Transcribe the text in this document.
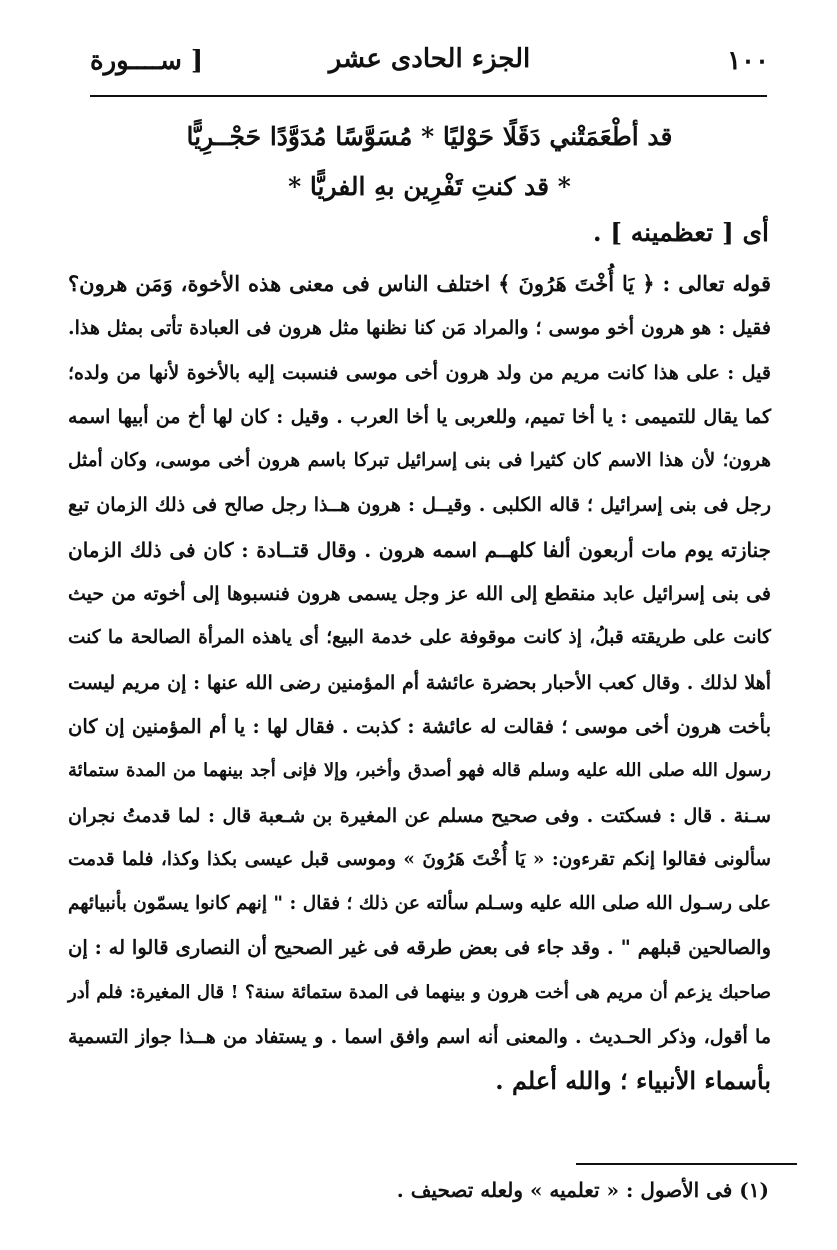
١٠٠
الجزء الحادى عشر
[ ســــورة
قد أطْعَمَتْني دَقَلًا حَوْليًا * مُسَوَّسًا مُدَوَّدًا حَجْــرِيًّا
* قد كنتِ تَفْرِين بهِ الفريًّا *
أى [ تعظمينه ] .
قوله تعالى : ﴿ يَا أُخْتَ هَرُونَ ﴾ اختلف الناس فى معنى هذه الأخوة، وَمَن هرون؟
فقيل : هو هرون أخو موسى ؛ والمراد مَن كنا نظنها مثل هرون فى العبادة تأتى بمثل هذا.
قيل : على هذا كانت مريم من ولد هرون أخى موسى فنسبت إليه بالأخوة لأنها من ولده؛
كما يقال للتميمى : يا أخا تميم، وللعربى يا أخا العرب . وقيل : كان لها أخ من أبيها اسمه
هرون؛ لأن هذا الاسم كان كثيرا فى بنى إسرائيل تبركا باسم هرون أخى موسى، وكان أمثل
رجل فى بنى إسرائيل ؛ قاله الكلبى . وقيــل : هرون هــذا رجل صالح فى ذلك الزمان تبع
جنازته يوم مات أربعون ألفا كلهــم اسمه هرون . وقال قتــادة : كان فى ذلك الزمان
فى بنى إسرائيل عابد منقطع إلى الله عز وجل يسمى هرون فنسبوها إلى أخوته من حيث
كانت على طريقته قبلُ، إذ كانت موقوفة على خدمة البيع؛ أى ياهذه المرأة الصالحة ما كنت
أهلا لذلك . وقال كعب الأحبار بحضرة عائشة أم المؤمنين رضى الله عنها : إن مريم ليست
بأخت هرون أخى موسى ؛ فقالت له عائشة : كذبت . فقال لها : يا أم المؤمنين إن كان
رسول الله صلى الله عليه وسلم قاله فهو أصدق وأخبر، وإلا فإنى أجد بينهما من المدة ستمائة
سـنة . قال : فسكتت . وفى صحيح مسلم عن المغيرة بن شـعبة قال : لما قدمتُ نجران
سألونى فقالوا إنكم تقرءون: « يَا أُخْتَ هَرُونَ » وموسى قبل عيسى بكذا وكذا، فلما قدمت
على رسـول الله صلى الله عليه وسـلم سألته عن ذلك ؛ فقال : " إنهم كانوا يسمّون بأنبيائهم
والصالحين قبلهم " . وقد جاء فى بعض طرقه فى غير الصحيح أن النصارى قالوا له : إن
صاحبك يزعم أن مريم هى أخت هرون و بينهما فى المدة ستمائة سنة؟ ! قال المغيرة: فلم أدر
ما أقول، وذكر الحـديث . والمعنى أنه اسم وافق اسما . و يستفاد من هــذا جواز التسمية
بأسماء الأنبياء ؛ والله أعلم .
(١) فى الأصول : « تعلميه » ولعله تصحيف .
